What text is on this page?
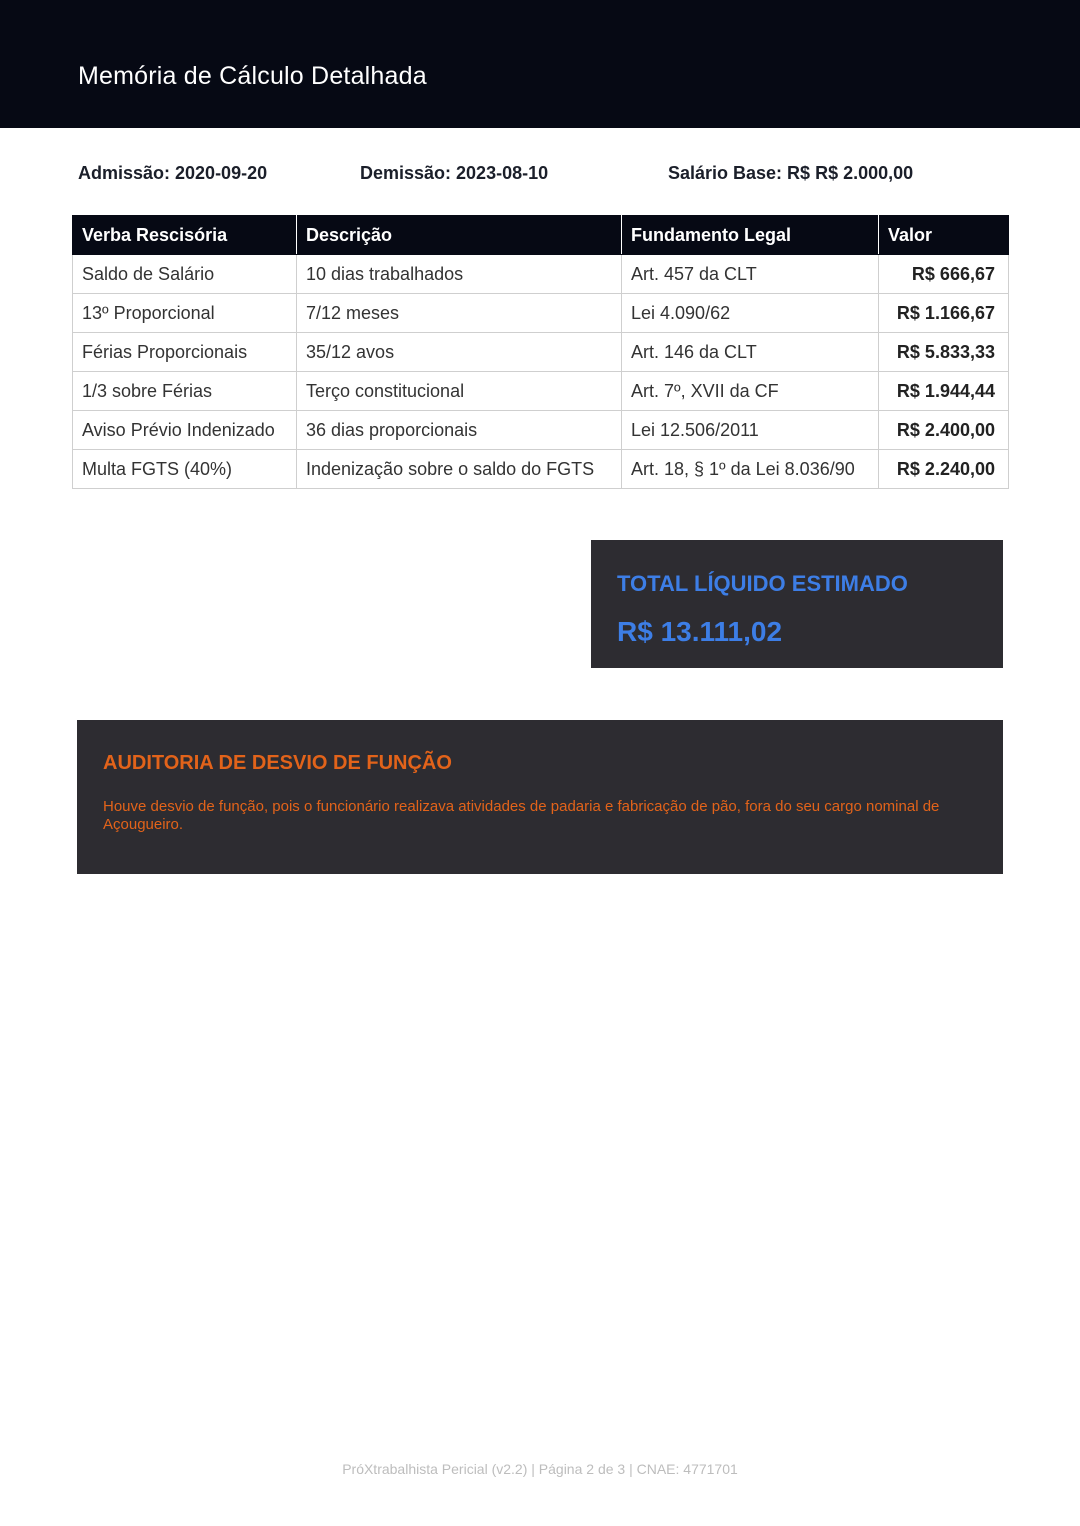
Memória de Cálculo Detalhada
Admissão: 2020-09-20	Demissão: 2023-08-10	Salário Base: R$ R$ 2.000,00
Verba Rescisória	Descrição	Fundamento Legal	Valor
Saldo de Salário	10 dias trabalhados	Art. 457 da CLT	R$ 666,67
13º Proporcional	7/12 meses	Lei 4.090/62	R$ 1.166,67
Férias Proporcionais	35/12 avos	Art. 146 da CLT	R$ 5.833,33
1/3 sobre Férias	Terço constitucional	Art. 7º, XVII da CF	R$ 1.944,44
Aviso Prévio Indenizado	36 dias proporcionais	Lei 12.506/2011	R$ 2.400,00
Multa FGTS (40%)	Indenização sobre o saldo do FGTS	Art. 18, § 1º da Lei 8.036/90	R$ 2.240,00
TOTAL LÍQUIDO ESTIMADO
R$ 13.111,02
AUDITORIA DE DESVIO DE FUNÇÃO
Houve desvio de função, pois o funcionário realizava atividades de padaria e fabricação de pão, fora do seu cargo nominal de Açougueiro.
PróXtrabalhista Pericial (v2.2) | Página 2 de 3 | CNAE: 4771701
